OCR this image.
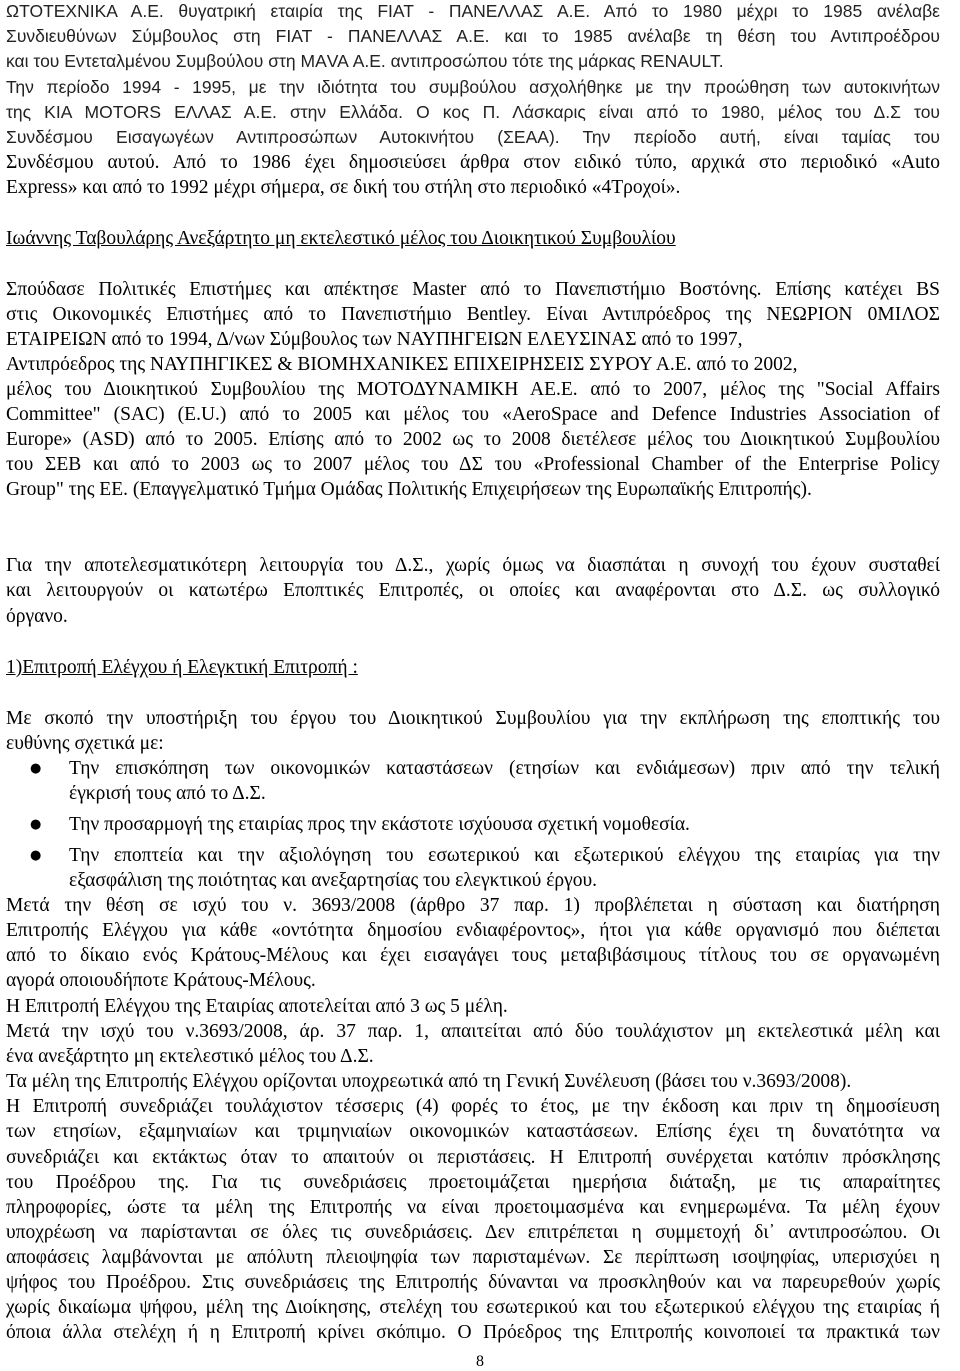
ΩΤΟΤΕΧΝΙΚΑ Α.Ε. θυγατρική εταιρία της FIAT - ΠΑΝΕΛΛΑΣ Α.Ε. Από το 1980 μέχρι το 1985 ανέλαβε
Συνδιευθύνων Σύμβουλος στη FIAT - ΠΑΝΕΛΛΑΣ Α.Ε. και το 1985 ανέλαβε τη θέση του Αντιπροέδρου
και του Εντεταλμένου Συμβούλου στη ΜΑVA Α.Ε. αντιπροσώπου τότε της μάρκας RENAULT.
Την περίοδο 1994 - 1995, με την ιδιότητα του συμβούλου ασχολήθηκε με την προώθηση των αυτοκινήτων
της KIA MOTORS ΕΛΛΑΣ Α.Ε. στην Ελλάδα. Ο κος Π. Λάσκαρις είναι από το 1980, μέλος του Δ.Σ του
Συνδέσμου Εισαγωγέων Αντιπροσώπων Αυτοκινήτου (ΣΕΑΑ). Την περίοδο αυτή, είναι ταμίας του
Συνδέσμου αυτού. Από το 1986 έχει δημοσιεύσει άρθρα στον ειδικό τύπο, αρχικά στο περιοδικό «Auto
Express» και από το 1992 μέχρι σήμερα, σε δική του στήλη στο περιοδικό «4Τροχοί».
Ιωάννης Ταβουλάρης Ανεξάρτητο μη εκτελεστικό μέλος του Διοικητικού Συμβουλίου
Σπούδασε Πολιτικές Επιστήμες και απέκτησε Master από το Πανεπιστήμιο Βοστόνης. Επίσης κατέχει BS
στις Οικονομικές Επιστήμες από το Πανεπιστήμιο Bentley. Είναι Αντιπρόεδρος της ΝΕΩΡΙΟΝ 0ΜΙΛΟΣ
ΕΤΑΙΡΕΙΩΝ από το 1994, Δ/νων Σύμβουλος των ΝΑΥΠΗΓΕΙΩΝ ΕΛΕΥΣΙΝΑΣ από το 1997,
Αντιπρόεδρος της ΝΑΥΠΗΓΙΚΕΣ & ΒΙΟΜΗΧΑΝΙΚΕΣ ΕΠΙΧΕΙΡΗΣΕΙΣ ΣΥΡΟΥ Α.Ε. από το 2002,
μέλος του Διοικητικού Συμβουλίου της ΜΟΤΟΔΥΝΑΜΙΚΗ ΑΕ.Ε. από το 2007, μέλος της "Social Affairs
Committee" (SAC) (E.U.) από το 2005 και μέλος του «AeroSpace and Defence Industries Association of
Europe» (ASD) από το 2005. Επίσης από το 2002 ως το 2008 διετέλεσε μέλος του Διοικητικού Συμβουλίου
του ΣΕΒ και από το 2003 ως το 2007 μέλος του ΔΣ του «Professional Chamber of the Enterprise Policy
Group" της ΕΕ. (Επαγγελματικό Τμήμα Ομάδας Πολιτικής Επιχειρήσεων της Ευρωπαϊκής Επιτροπής).
Για την αποτελεσματικότερη λειτουργία του Δ.Σ., χωρίς όμως να διασπάται η συνοχή του έχουν συσταθεί
και λειτουργούν οι κατωτέρω Εποπτικές Επιτροπές, οι οποίες και αναφέρονται στο Δ.Σ. ως συλλογικό
όργανο.
1)Επιτροπή Ελέγχου ή Ελεγκτική Επιτροπή :
Με σκοπό την υποστήριξη του έργου του Διοικητικού Συμβουλίου για την εκπλήρωση της εποπτικής του
ευθύνης σχετικά με:
● Την επισκόπηση των οικονομικών καταστάσεων (ετησίων και ενδιάμεσων) πριν από την τελική
έγκρισή τους από το Δ.Σ.
● Την προσαρμογή της εταιρίας προς την εκάστοτε ισχύουσα σχετική νομοθεσία.
● Την εποπτεία και την αξιολόγηση του εσωτερικού και εξωτερικού ελέγχου της εταιρίας για την
εξασφάλιση της ποιότητας και ανεξαρτησίας του ελεγκτικού έργου.
Μετά την θέση σε ισχύ του ν. 3693/2008 (άρθρο 37 παρ. 1) προβλέπεται η σύσταση και διατήρηση
Επιτροπής Ελέγχου για κάθε «οντότητα δημοσίου ενδιαφέροντος», ήτοι για κάθε οργανισμό που διέπεται
από το δίκαιο ενός Κράτους-Μέλους και έχει εισαγάγει τους μεταβιβάσιμους τίτλους του σε οργανωμένη
αγορά οποιουδήποτε Κράτους-Μέλους.
Η Επιτροπή Ελέγχου της Εταιρίας αποτελείται από 3 ως 5 μέλη.
Μετά την ισχύ του ν.3693/2008, άρ. 37 παρ. 1, απαιτείται από δύο τουλάχιστον μη εκτελεστικά μέλη και
ένα ανεξάρτητο μη εκτελεστικό μέλος του Δ.Σ.
Τα μέλη της Επιτροπής Ελέγχου ορίζονται υποχρεωτικά από τη Γενική Συνέλευση (βάσει του ν.3693/2008).
Η Επιτροπή συνεδριάζει τουλάχιστον τέσσερις (4) φορές το έτος, με την έκδοση και πριν τη δημοσίευση
των ετησίων, εξαμηνιαίων και τριμηνιαίων οικονομικών καταστάσεων. Επίσης έχει τη δυνατότητα να
συνεδριάζει και εκτάκτως όταν το απαιτούν οι περιστάσεις. Η Επιτροπή συνέρχεται κατόπιν πρόσκλησης
του Προέδρου της. Για τις συνεδριάσεις προετοιμάζεται ημερήσια διάταξη, με τις απαραίτητες
πληροφορίες, ώστε τα μέλη της Επιτροπής να είναι προετοιμασμένα και ενημερωμένα. Τα μέλη έχουν
υποχρέωση να παρίστανται σε όλες τις συνεδριάσεις. Δεν επιτρέπεται η συμμετοχή δι᾽ αντιπροσώπου. Οι
αποφάσεις λαμβάνονται με απόλυτη πλειοψηφία των παρισταμένων. Σε περίπτωση ισοψηφίας, υπερισχύει η
ψήφος του Προέδρου. Στις συνεδριάσεις της Επιτροπής δύνανται να προσκληθούν και να παρευρεθούν χωρίς
χωρίς δικαίωμα ψήφου, μέλη της Διοίκησης, στελέχη του εσωτερικού και του εξωτερικού ελέγχου της εταιρίας ή
όποια άλλα στελέχη ή η Επιτροπή κρίνει σκόπιμο. Ο Πρόεδρος της Επιτροπής κοινοποιεί τα πρακτικά των
8
